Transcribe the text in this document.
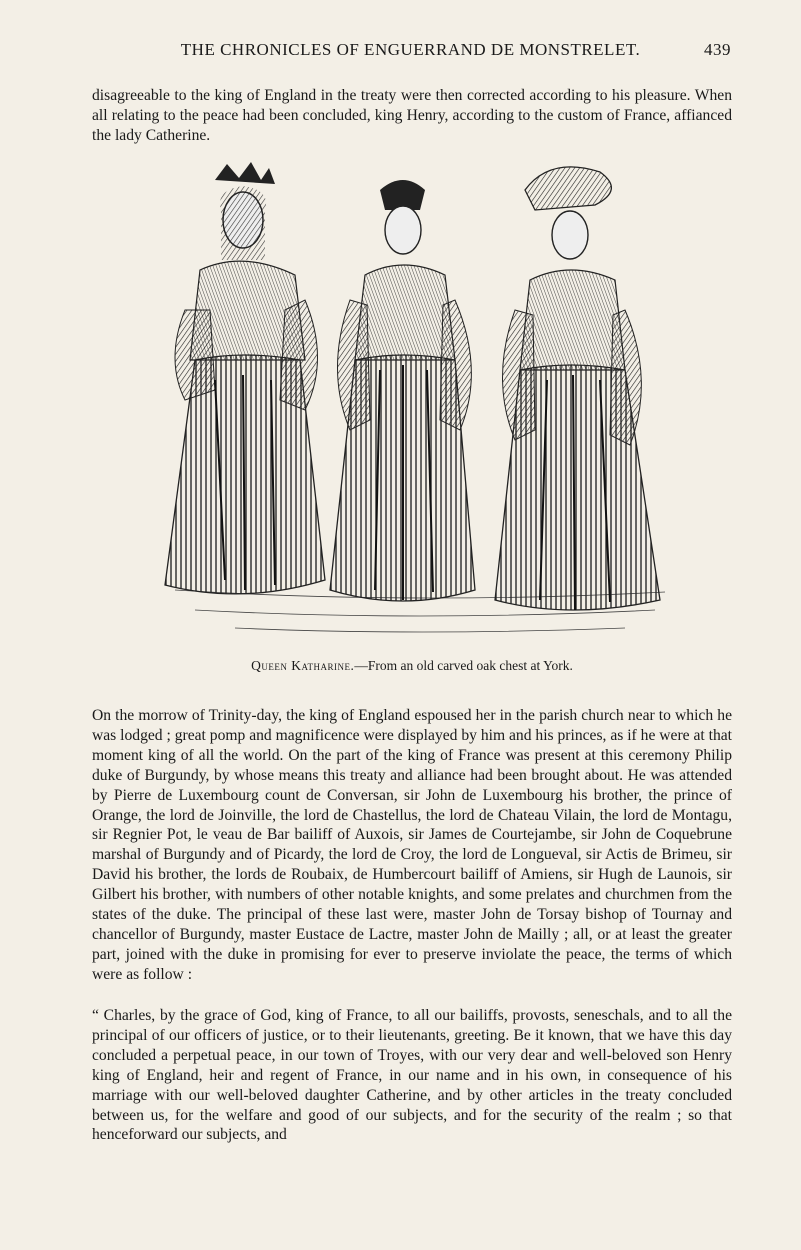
THE CHRONICLES OF ENGUERRAND DE MONSTRELET.	439

disagreeable to the king of England in the treaty were then corrected according to his pleasure. When all relating to the peace had been concluded, king Henry, according to the custom of France, affianced the lady Catherine.

Queen Katharine.—From an old carved oak chest at York.

On the morrow of Trinity-day, the king of England espoused her in the parish church near to which he was lodged ; great pomp and magnificence were displayed by him and his princes, as if he were at that moment king of all the world. On the part of the king of France was present at this ceremony Philip duke of Burgundy, by whose means this treaty and alliance had been brought about. He was attended by Pierre de Luxembourg count de Conversan, sir John de Luxembourg his brother, the prince of Orange, the lord de Joinville, the lord de Chastellus, the lord de Chateau Vilain, the lord de Montagu, sir Regnier Pot, le veau de Bar bailiff of Auxois, sir James de Courtejambe, sir John de Coquebrune marshal of Burgundy and of Picardy, the lord de Croy, the lord de Longueval, sir Actis de Brimeu, sir David his brother, the lords de Roubaix, de Humbercourt bailiff of Amiens, sir Hugh de Launois, sir Gilbert his brother, with numbers of other notable knights, and some prelates and churchmen from the states of the duke. The principal of these last were, master John de Torsay bishop of Tournay and chancellor of Burgundy, master Eustace de Lactre, master John de Mailly ; all, or at least the greater part, joined with the duke in promising for ever to preserve inviolate the peace, the terms of which were as follow :

“ Charles, by the grace of God, king of France, to all our bailiffs, provosts, seneschals, and to all the principal of our officers of justice, or to their lieutenants, greeting. Be it known, that we have this day concluded a perpetual peace, in our town of Troyes, with our very dear and well-beloved son Henry king of England, heir and regent of France, in our name and in his own, in consequence of his marriage with our well-beloved daughter Catherine, and by other articles in the treaty concluded between us, for the welfare and good of our subjects, and for the security of the realm ; so that henceforward our subjects, and
